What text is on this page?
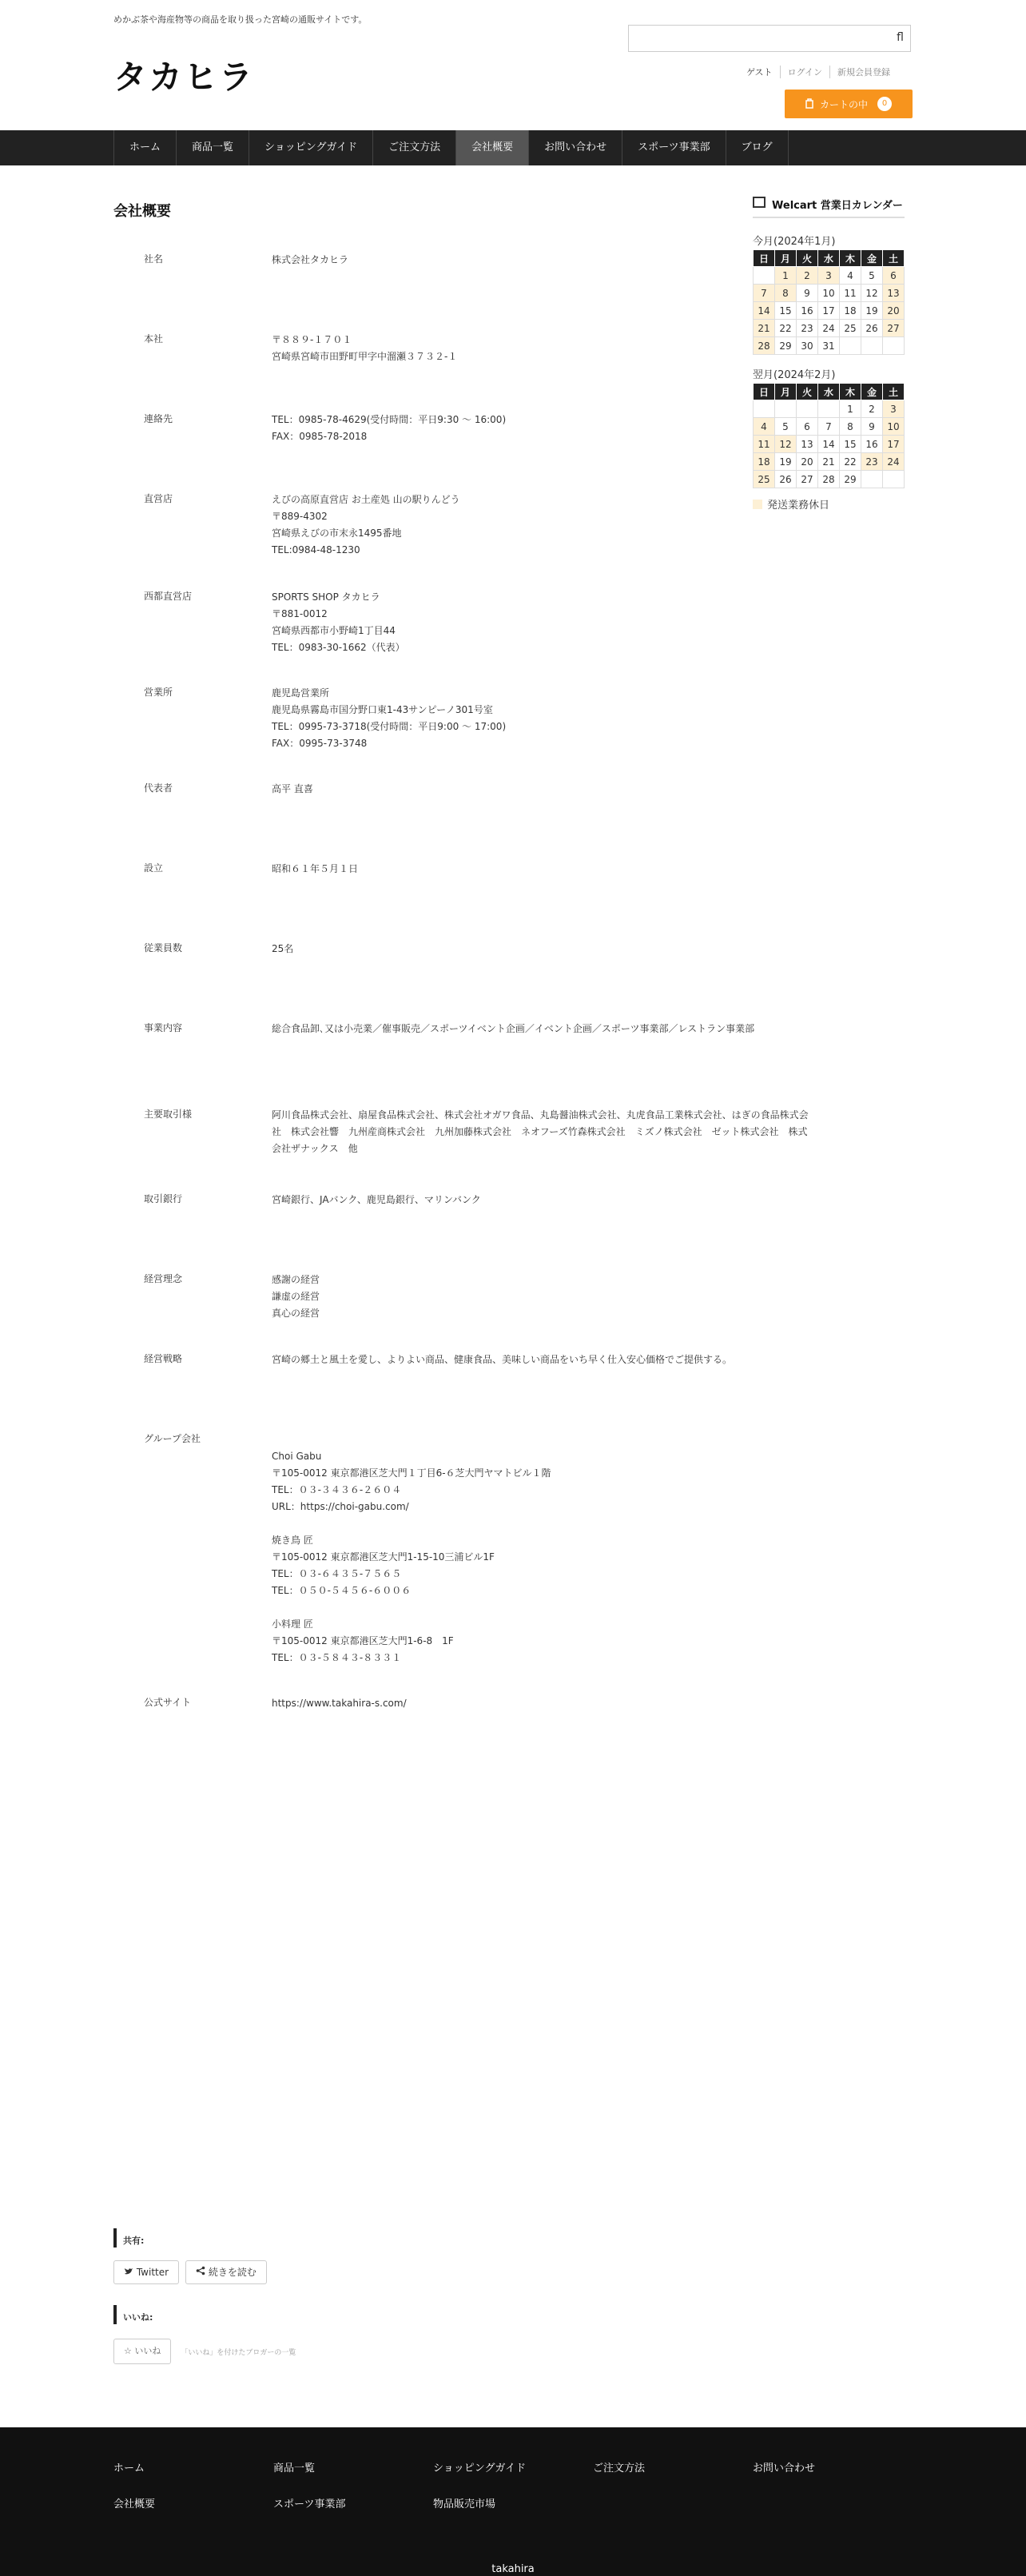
めかぶ茶や海産物等の商品を取り扱った宮崎の通販サイトです。
タカヒラ
fl
ゲスト	ログイン	新規会員登録
カートの中	0
ホーム	商品一覧	ショッピングガイド	ご注文方法	会社概要	お問い合わせ	スポーツ事業部	ブログ
会社概要
社名	株式会社タカヒラ
本社	〒８８９-１７０１
宮崎県宮崎市田野町甲字中溜瀬３７３２-１
連絡先	TEL：0985-78-4629(受付時間：平日9:30 〜 16:00)
FAX：0985-78-2018
直営店	えびの高原直営店 お土産処 山の駅りんどう
〒889-4302
宮崎県えびの市末永1495番地
TEL:0984-48-1230
西都直営店	SPORTS SHOP タカヒラ
〒881-0012
宮崎県西都市小野崎1丁目44
TEL：0983-30-1662（代表）
営業所	鹿児島営業所
鹿児島県霧島市国分野口東1-43サンピーノ301号室
TEL：0995-73-3718(受付時間：平日9:00 〜 17:00)
FAX：0995-73-3748
代表者	高平 直喜
設立	昭和６１年５月１日
従業員数	25名
事業内容	総合食品卸､又は小売業／催事販売／スポーツイベント企画／イベント企画／スポーツ事業部／レストラン事業部
主要取引様	阿川食品株式会社、扇屋食品株式会社、株式会社オガワ食品、丸島醤油株式会社、丸虎食品工業株式会社、はぎの食品株式会社　株式会社響　九州産商株式会社　九州加藤株式会社　ネオフーズ竹森株式会社　ミズノ株式会社　ゼット株式会社　株式会社ザナックス　他
取引銀行	宮崎銀行、JAバンク、鹿児島銀行、マリンバンク
経営理念	感謝の経営
謙虚の経営
真心の経営
経営戦略	宮崎の郷土と風土を愛し、よりよい商品、健康食品、美味しい商品をいち早く仕入安心価格でご提供する。
グループ会社

Choi Gabu
〒105-0012 東京都港区芝大門１丁目6-６芝大門ヤマトビル１階
TEL：０３-３４３６-２６０４
URL：https://choi-gabu.com/

焼き鳥 匠
〒105-0012 東京都港区芝大門1-15-10三浦ビル1F
TEL：０３-６４３５-７５６５
TEL：０５０-５４５６-６００６

小料理 匠
〒105-0012 東京都港区芝大門1-6-8　1F
TEL：０３-５８４３-８３３１
公式サイト	https://www.takahira-s.com/
Welcart 営業日カレンダー
今月(2024年1月)
日	月	火	水	木	金	土
	1	2	3	4	5	6
7	8	9	10	11	12	13
14	15	16	17	18	19	20
21	22	23	24	25	26	27
28	29	30	31			
翌月(2024年2月)
日	月	火	水	木	金	土
				1	2	3
4	5	6	7	8	9	10
11	12	13	14	15	16	17
18	19	20	21	22	23	24
25	26	27	28	29		
発送業務休日
共有:
Twitter	続きを読む
いいね:
☆ いいね	「いいね」を付けたブロガーの一覧
ホーム	商品一覧	ショッピングガイド	ご注文方法	お問い合わせ
会社概要	スポーツ事業部	物品販売市場
takahira
